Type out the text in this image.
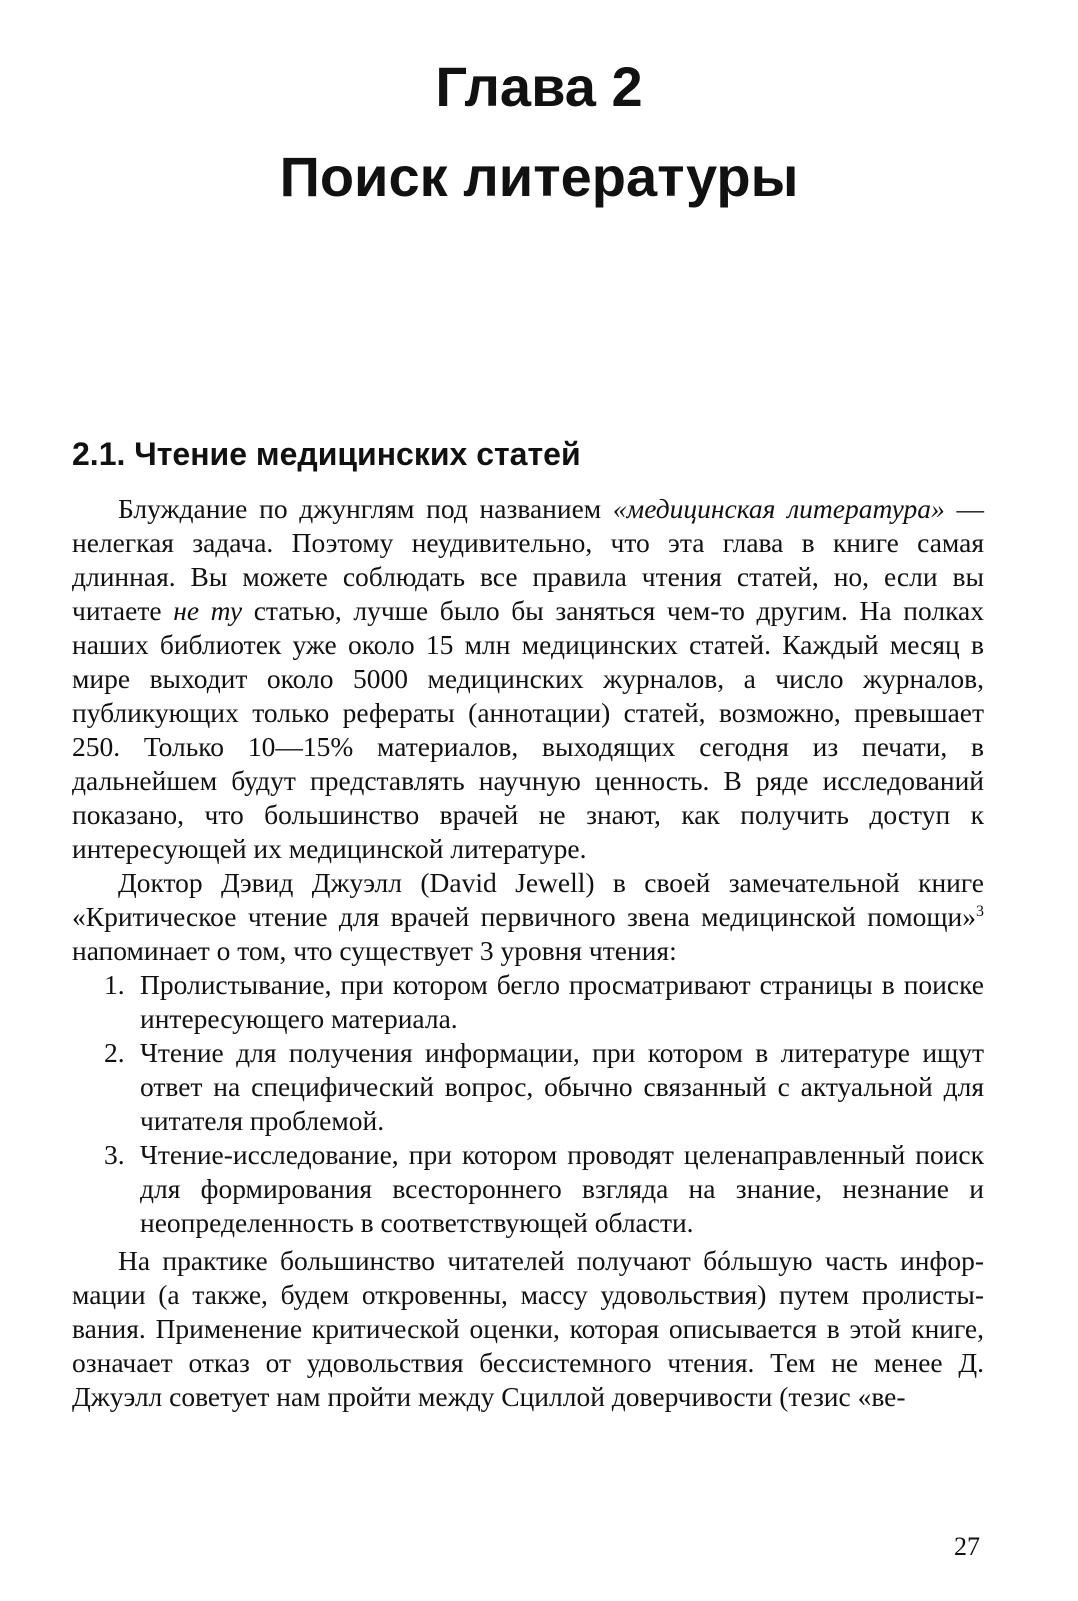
Глава 2
Поиск литературы
2.1. Чтение медицинских статей

Блуждание по джунглям под названием «медицинская литература» — нелегкая задача. Поэтому неудивительно, что эта глава в книге самая длинная. Вы можете соблюдать все правила чтения статей, но, если вы читаете не ту статью, лучше было бы заняться чем-то другим. На полках наших библиотек уже около 15 млн медицинских статей. Каждый месяц в мире выходит около 5000 медицинских журналов, а число журналов, публикующих только рефераты (аннотации) статей, возможно, превышает 250. Только 10—15% материалов, выходящих сегодня из печати, в дальнейшем будут представлять научную ценность. В ряде исследований показано, что большинство врачей не знают, как получить доступ к интересующей их медицинской литературе.

Доктор Дэвид Джуэлл (David Jewell) в своей замечательной книге «Критическое чтение для врачей первичного звена медицинской помощи»$^3$ напоминает о том, что существует 3 уровня чтения:

1. Пролистывание, при котором бегло просматривают страницы в поиске интересующего материала.
2. Чтение для получения информации, при котором в литературе ищут ответ на специфический вопрос, обычно связанный с актуальной для читателя проблемой.
3. Чтение-исследование, при котором проводят целенаправленный поиск для формирования всестороннего взгляда на знание, незнание и неопределенность в соответствующей области.

На практике большинство читателей получают бóльшую часть информации (а также, будем откровенны, массу удовольствия) путем пролистывания. Применение критической оценки, которая описывается в этой книге, означает отказ от удовольствия бессистемного чтения. Тем не менее Д. Джуэлл советует нам пройти между Сциллой доверчивости (тезис «ве-

27
